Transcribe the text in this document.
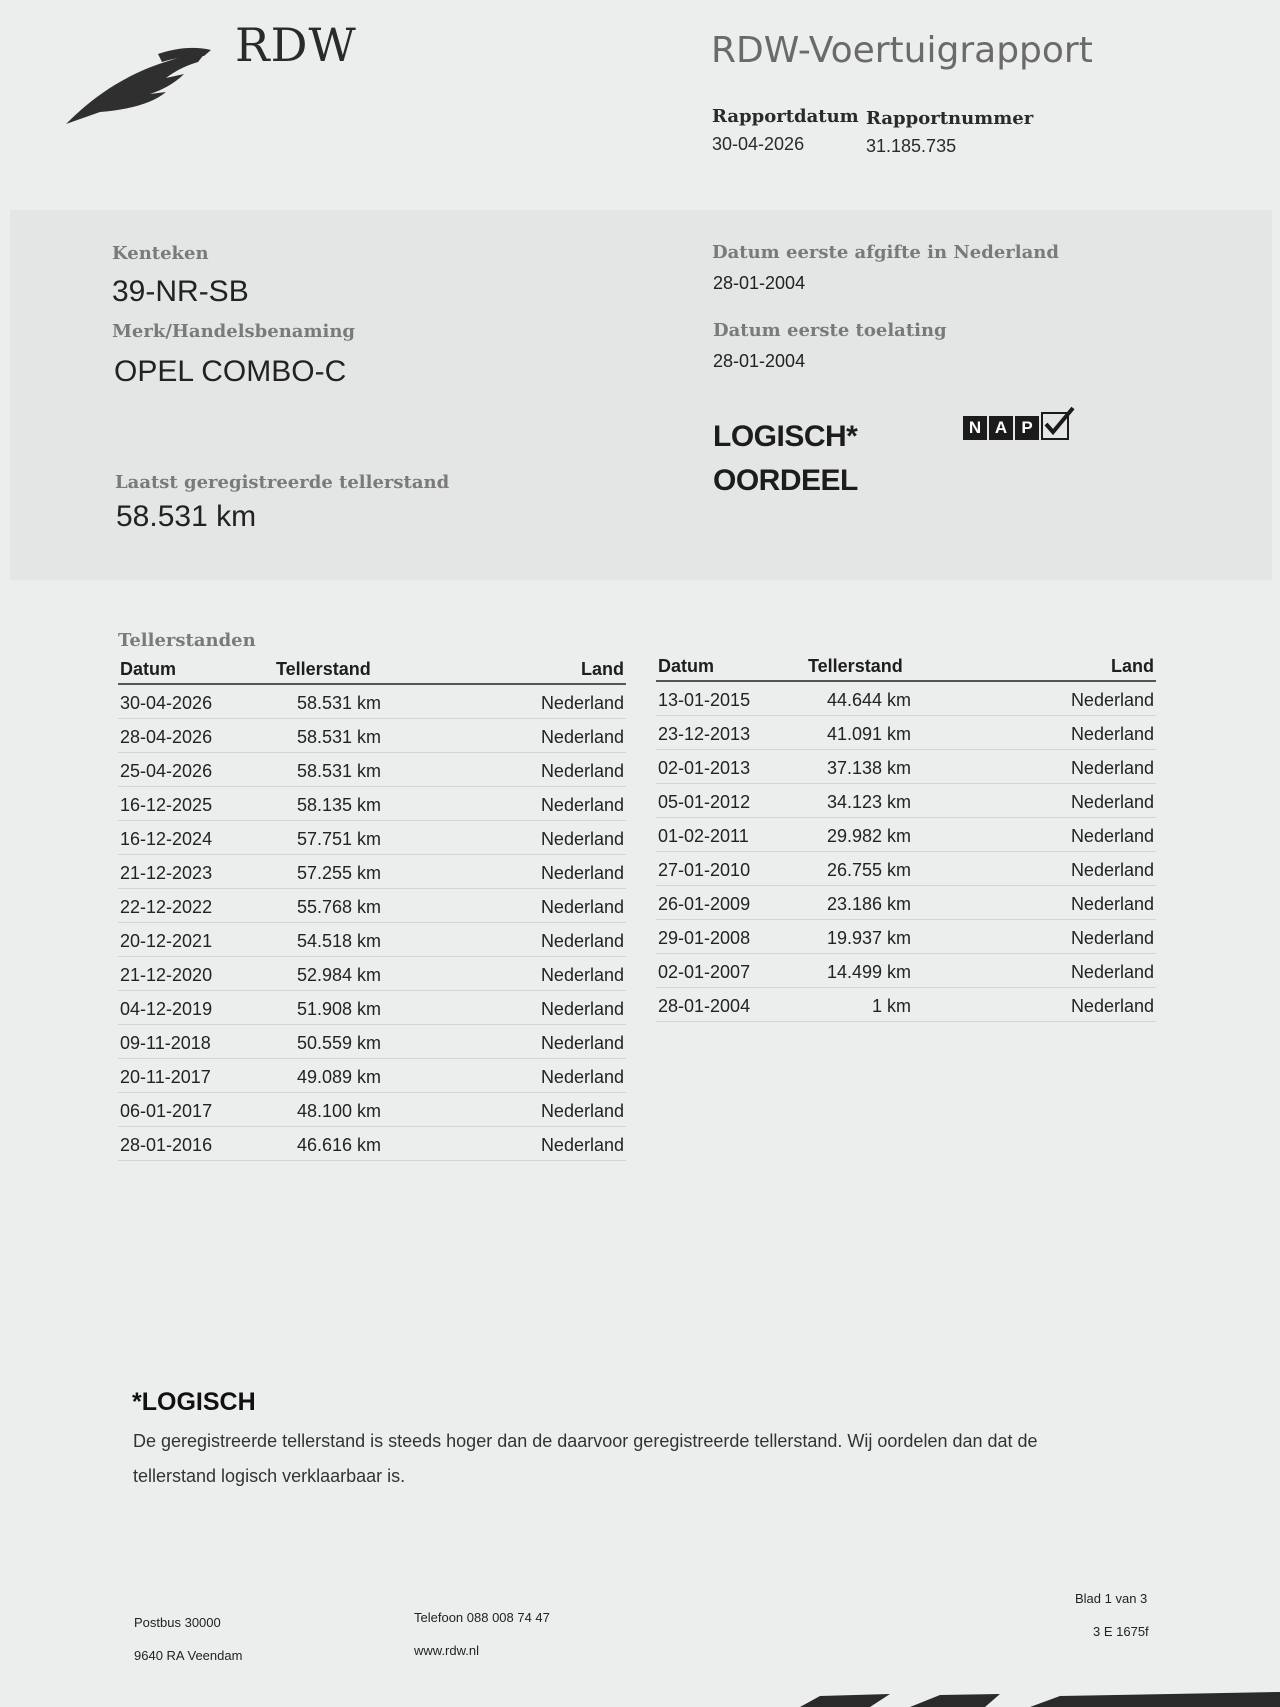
RDW	RDW-Voertuigrapport
Rapportdatum
30-04-2026
Rapportnummer
31.185.735
Kenteken
39-NR-SB
Merk/Handelsbenaming
OPEL COMBO-C
Datum eerste afgifte in Nederland
28-01-2004
Datum eerste toelating
28-01-2004
LOGISCH*
OORDEEL
N A P
Laatst geregistreerde tellerstand
58.531 km
Tellerstanden
Datum	Tellerstand	Land
30-04-2026	58.531 km	Nederland
28-04-2026	58.531 km	Nederland
25-04-2026	58.531 km	Nederland
16-12-2025	58.135 km	Nederland
16-12-2024	57.751 km	Nederland
21-12-2023	57.255 km	Nederland
22-12-2022	55.768 km	Nederland
20-12-2021	54.518 km	Nederland
21-12-2020	52.984 km	Nederland
04-12-2019	51.908 km	Nederland
09-11-2018	50.559 km	Nederland
20-11-2017	49.089 km	Nederland
06-01-2017	48.100 km	Nederland
28-01-2016	46.616 km	Nederland
Datum	Tellerstand	Land
13-01-2015	44.644 km	Nederland
23-12-2013	41.091 km	Nederland
02-01-2013	37.138 km	Nederland
05-01-2012	34.123 km	Nederland
01-02-2011	29.982 km	Nederland
27-01-2010	26.755 km	Nederland
26-01-2009	23.186 km	Nederland
29-01-2008	19.937 km	Nederland
02-01-2007	14.499 km	Nederland
28-01-2004	1 km	Nederland
*LOGISCH
De geregistreerde tellerstand is steeds hoger dan de daarvoor geregistreerde tellerstand. Wij oordelen dan dat de tellerstand logisch verklaarbaar is.
Postbus 30000
9640 RA Veendam
Telefoon 088 008 74 47
www.rdw.nl
Blad 1 van 3
3 E 1675f
